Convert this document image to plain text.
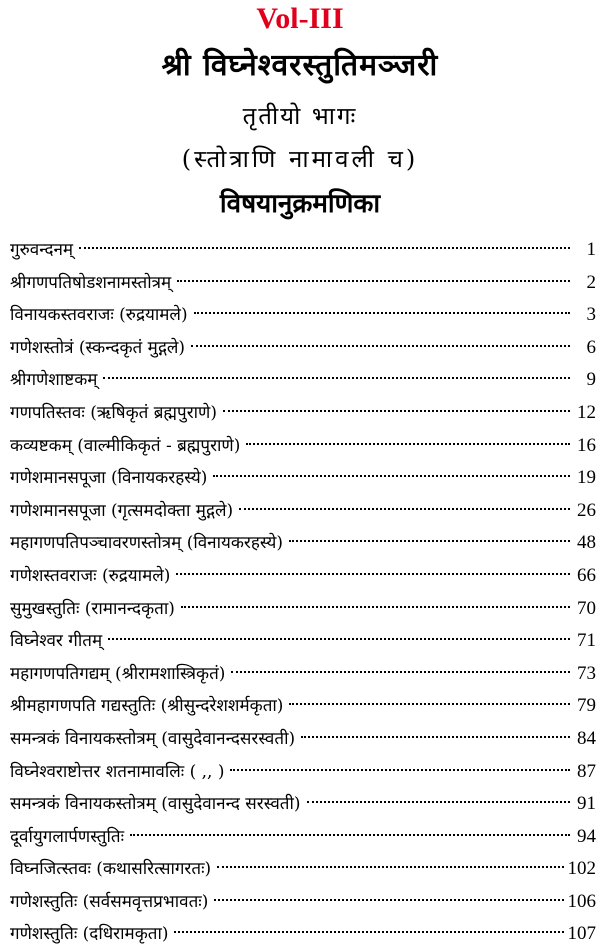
Vol-III
श्री विघ्नेश्वरस्तुतिमञ्जरी
तृतीयो भागः
(स्तोत्राणि नामावली च)
विषयानुक्रमणिका
गुरुवन्दनम्	1
श्रीगणपतिषोडशनामस्तोत्रम्	2
विनायकस्तवराजः (रुद्रयामले)	3
गणेशस्तोत्रं (स्कन्दकृतं मुद्गले)	6
श्रीगणेशाष्टकम्	9
गणपतिस्तवः (ऋषिकृतं ब्रह्मपुराणे)	12
कव्यष्टकम् (वाल्मीकिकृतं - ब्रह्मपुराणे)	16
गणेशमानसपूजा (विनायकरहस्ये)	19
गणेशमानसपूजा (गृत्समदोक्ता मुद्गले)	26
महागणपतिपञ्चावरणस्तोत्रम् (विनायकरहस्ये)	48
गणेशस्तवराजः (रुद्रयामले)	66
सुमुखस्तुतिः (रामानन्दकृता)	70
विघ्नेश्वर गीतम्	71
महागणपतिगद्यम् (श्रीरामशास्त्रिकृतं)	73
श्रीमहागणपति गद्यस्तुतिः (श्रीसुन्दरेशशर्मकृता)	79
समन्त्रकं विनायकस्तोत्रम् (वासुदेवानन्दसरस्वती)	84
विघ्नेश्वराष्टोत्तर शतनामावलिः ( ,, )	87
समन्त्रकं विनायकस्तोत्रम् (वासुदेवानन्द सरस्वती)	91
दूर्वायुगलार्पणस्तुतिः	94
विघ्नजित्स्तवः (कथासरित्सागरतः)	102
गणेशस्तुतिः (सर्वसमवृत्तप्रभावतः)	106
गणेशस्तुतिः (दधिरामकृता)	107
